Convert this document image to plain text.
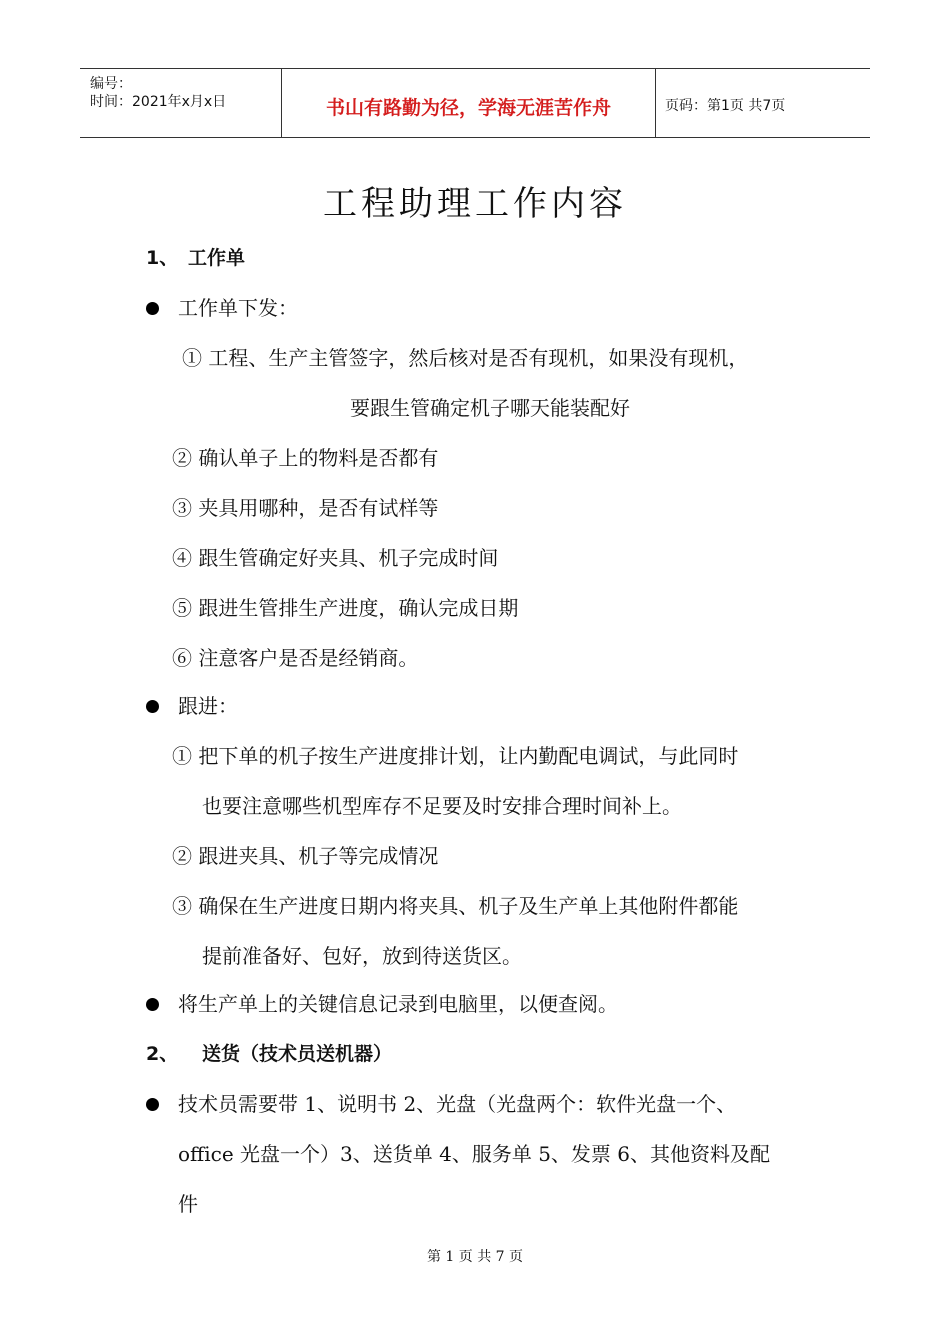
编号：
时间：2021年x月x日	书山有路勤为径，学海无涯苦作舟	页码：第1页 共7页
工程助理工作内容
1、 工作单
工作单下发：
① 工程、生产主管签字，然后核对是否有现机，如果没有现机，
要跟生管确定机子哪天能装配好
② 确认单子上的物料是否都有
③ 夹具用哪种，是否有试样等
④ 跟生管确定好夹具、机子完成时间
⑤ 跟进生管排生产进度，确认完成日期
⑥ 注意客户是否是经销商。
跟进：
① 把下单的机子按生产进度排计划，让内勤配电调试，与此同时
也要注意哪些机型库存不足要及时安排合理时间补上。
② 跟进夹具、机子等完成情况
③ 确保在生产进度日期内将夹具、机子及生产单上其他附件都能
提前准备好、包好，放到待送货区。
将生产单上的关键信息记录到电脑里，以便查阅。
2、 送货（技术员送机器）
技术员需要带 1、说明书 2、光盘（光盘两个：软件光盘一个、
office 光盘一个）3、送货单 4、服务单 5、发票 6、其他资料及配
件
第 1 页 共 7 页
